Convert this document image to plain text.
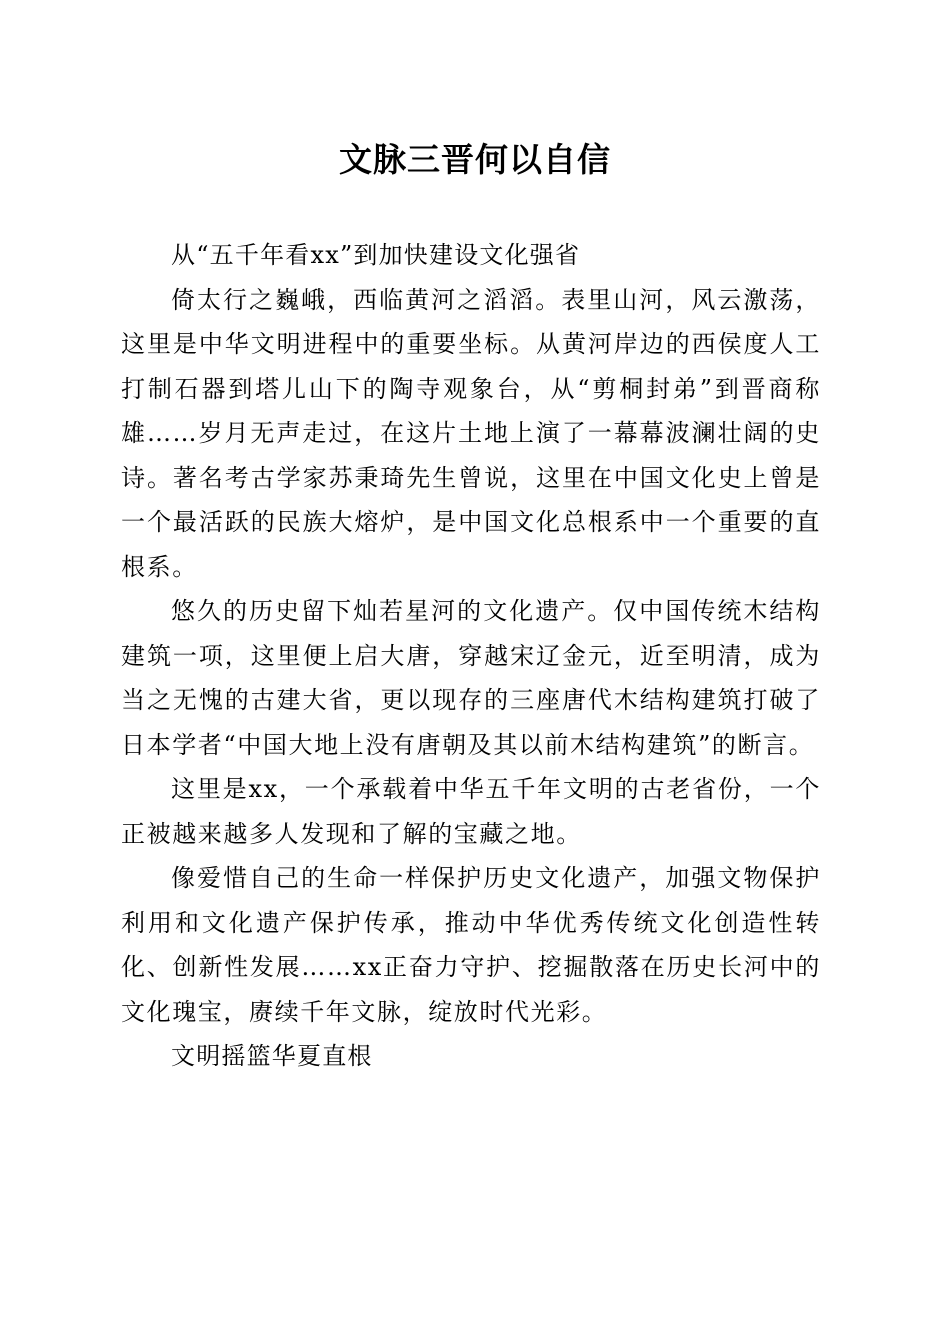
文脉三晋何以自信

从“五千年看xx”到加快建设文化强省

倚太行之巍峨，西临黄河之滔滔。表里山河，风云激荡，这里是中华文明进程中的重要坐标。从黄河岸边的西侯度人工打制石器到塔儿山下的陶寺观象台，从“剪桐封弟”到晋商称雄……岁月无声走过，在这片土地上演了一幕幕波澜壮阔的史诗。著名考古学家苏秉琦先生曾说，这里在中国文化史上曾是一个最活跃的民族大熔炉，是中国文化总根系中一个重要的直根系。

悠久的历史留下灿若星河的文化遗产。仅中国传统木结构建筑一项，这里便上启大唐，穿越宋辽金元，近至明清，成为当之无愧的古建大省，更以现存的三座唐代木结构建筑打破了日本学者“中国大地上没有唐朝及其以前木结构建筑”的断言。

这里是xx，一个承载着中华五千年文明的古老省份，一个正被越来越多人发现和了解的宝藏之地。

像爱惜自己的生命一样保护历史文化遗产，加强文物保护利用和文化遗产保护传承，推动中华优秀传统文化创造性转化、创新性发展……xx正奋力守护、挖掘散落在历史长河中的文化瑰宝，赓续千年文脉，绽放时代光彩。

文明摇篮华夏直根
